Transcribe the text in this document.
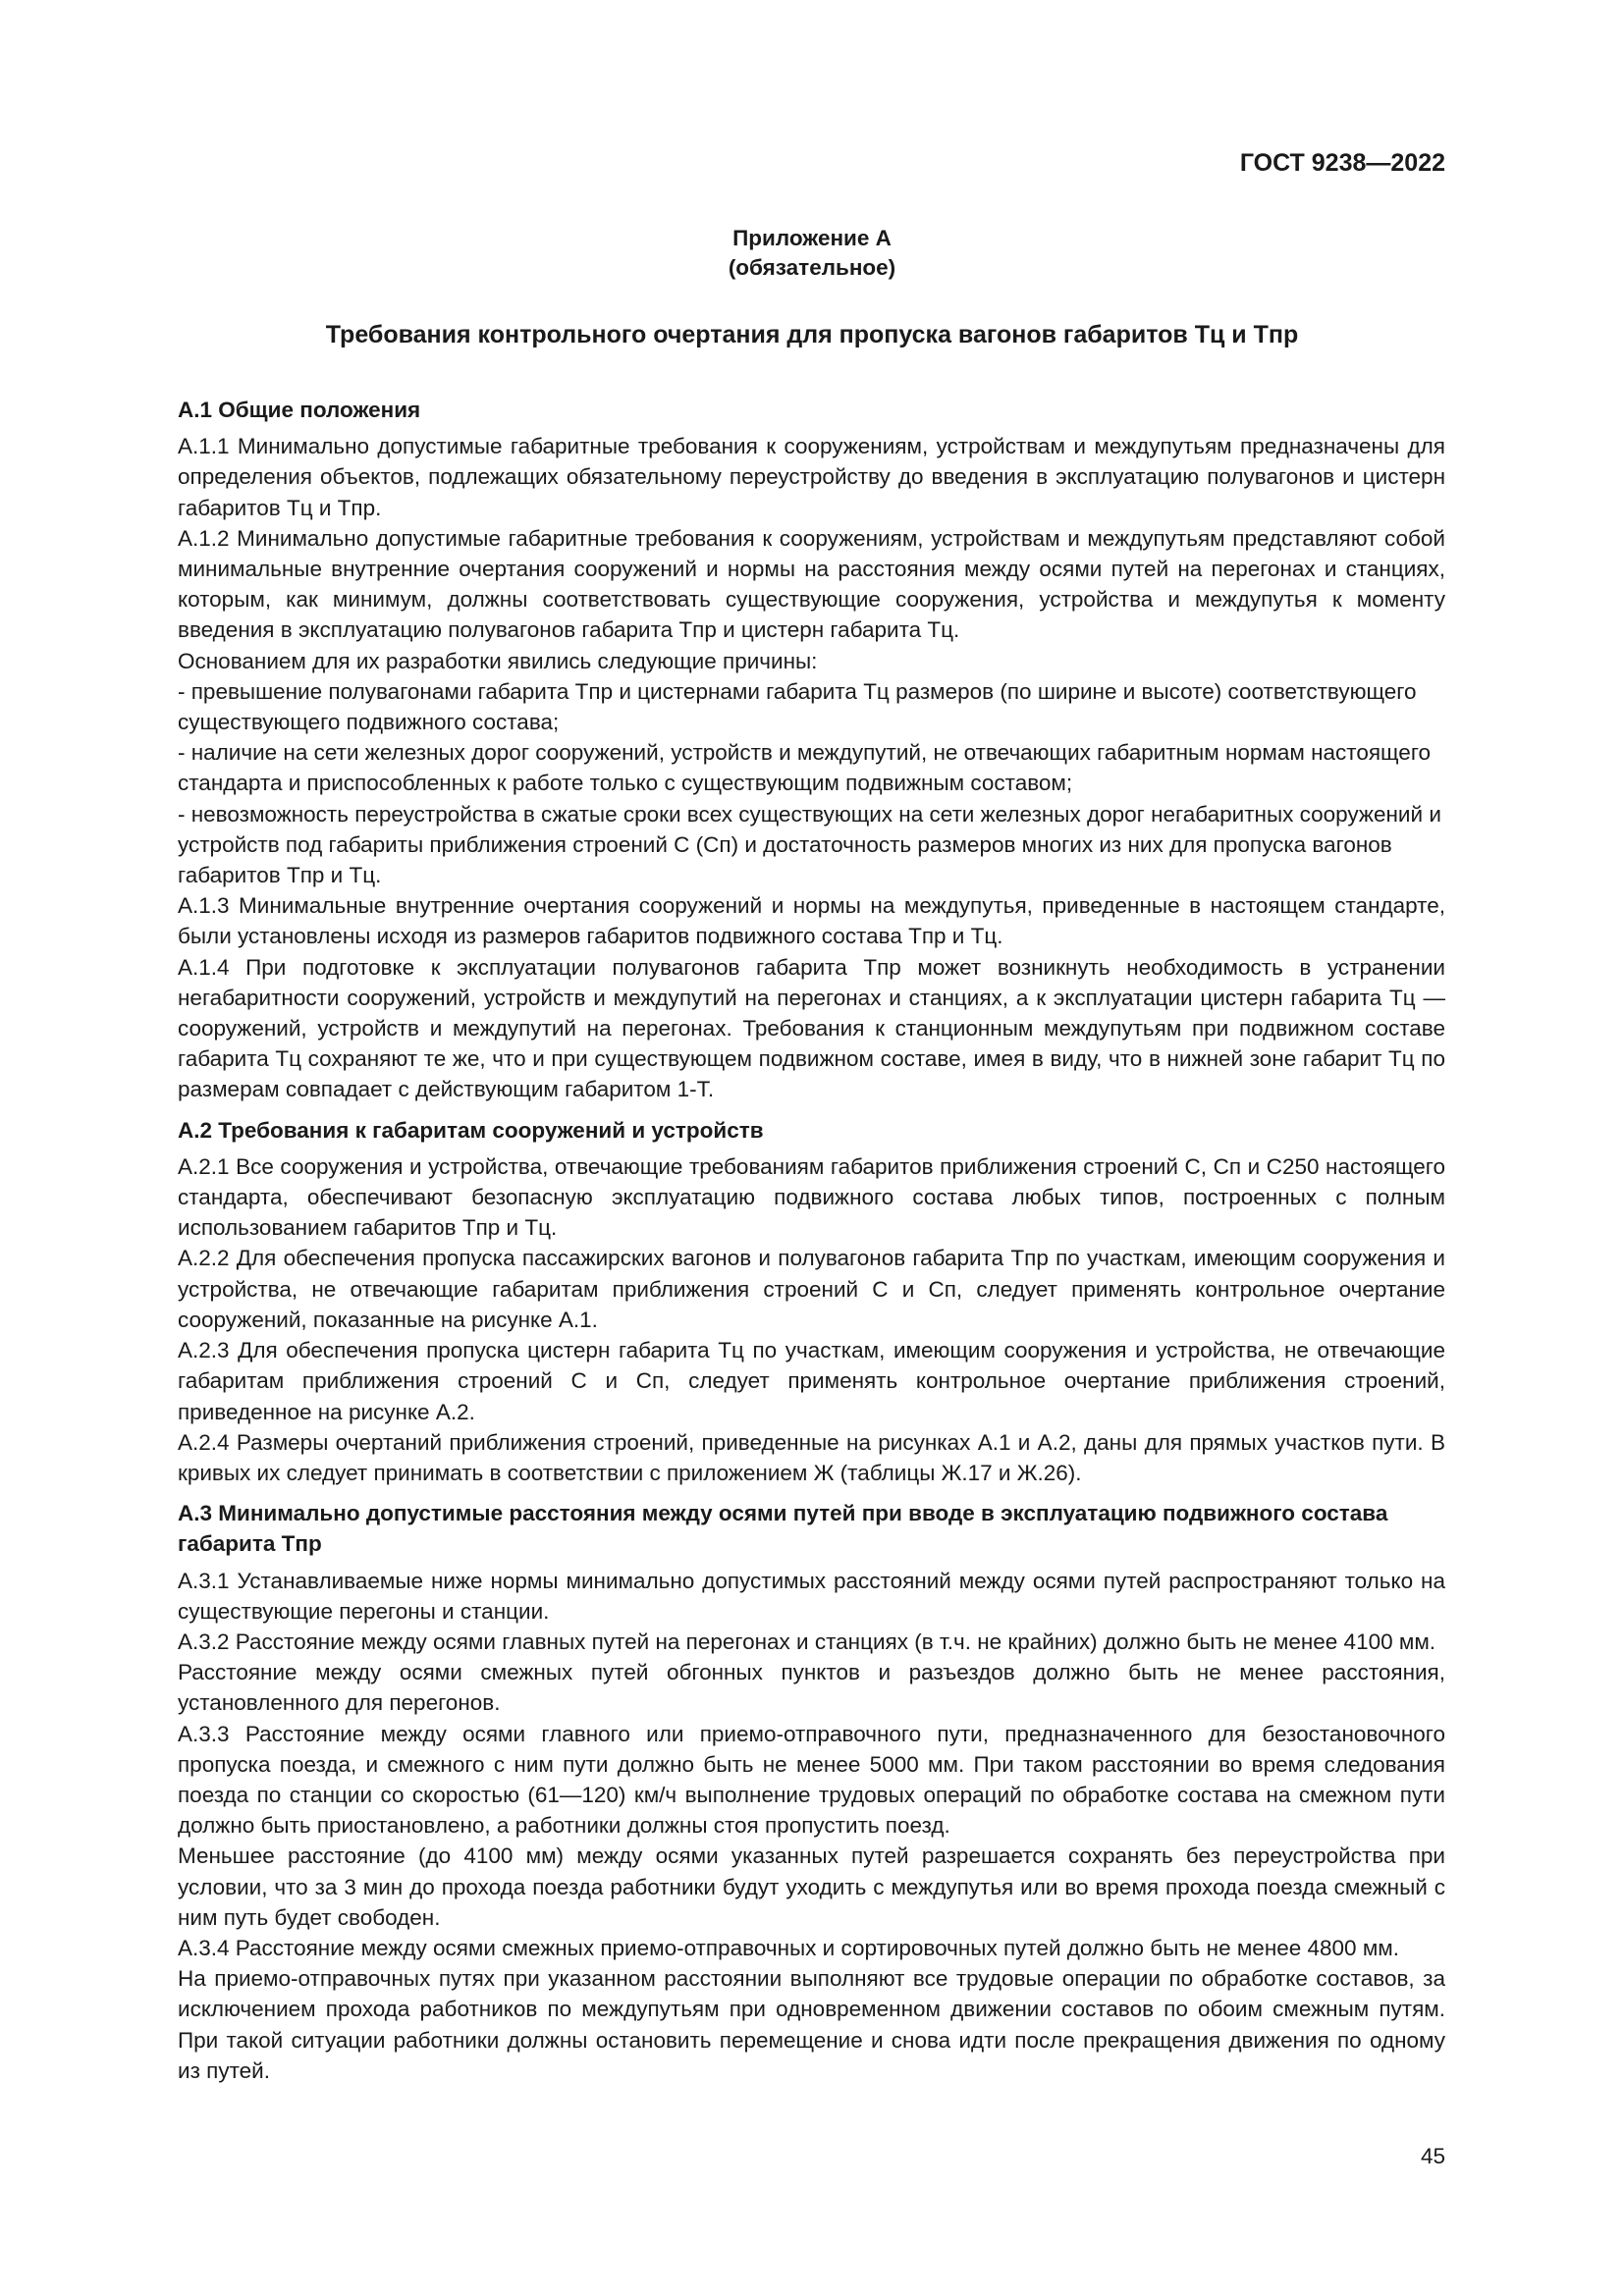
ГОСТ 9238—2022
Приложение А
(обязательное)
Требования контрольного очертания для пропуска вагонов габаритов Tц и Tпр
А.1 Общие положения

А.1.1 Минимально допустимые габаритные требования к сооружениям, устройствам и междупутьям предназначены для определения объектов, подлежащих обязательному переустройству до введения в эксплуатацию полувагонов и цистерн габаритов Tц и Tпр.

А.1.2 Минимально допустимые габаритные требования к сооружениям, устройствам и междупутьям представляют собой минимальные внутренние очертания сооружений и нормы на расстояния между осями путей на перегонах и станциях, которым, как минимум, должны соответствовать существующие сооружения, устройства и междупутья к моменту введения в эксплуатацию полувагонов габарита Tпр и цистерн габарита Tц.

Основанием для их разработки явились следующие причины:

- превышение полувагонами габарита Tпр и цистернами габарита Tц размеров (по ширине и высоте) соответствующего существующего подвижного состава;
- наличие на сети железных дорог сооружений, устройств и междупутий, не отвечающих габаритным нормам настоящего стандарта и приспособленных к работе только с существующим подвижным составом;
- невозможность переустройства в сжатые сроки всех существующих на сети железных дорог негабаритных сооружений и устройств под габариты приближения строений С (Сп) и достаточность размеров многих из них для пропуска вагонов габаритов Tпр и Tц.

А.1.3 Минимальные внутренние очертания сооружений и нормы на междупутья, приведенные в настоящем стандарте, были установлены исходя из размеров габаритов подвижного состава Tпр и Tц.

А.1.4 При подготовке к эксплуатации полувагонов габарита Tпр может возникнуть необходимость в устранении негабаритности сооружений, устройств и междупутий на перегонах и станциях, а к эксплуатации цистерн габарита Tц — сооружений, устройств и междупутий на перегонах. Требования к станционным междупутьям при подвижном составе габарита Tц сохраняют те же, что и при существующем подвижном составе, имея в виду, что в нижней зоне габарит Tц по размерам совпадает с действующим габаритом 1-T.

А.2 Требования к габаритам сооружений и устройств

А.2.1 Все сооружения и устройства, отвечающие требованиям габаритов приближения строений С, Сп и С250 настоящего стандарта, обеспечивают безопасную эксплуатацию подвижного состава любых типов, построенных с полным использованием габаритов Tпр и Tц.

А.2.2 Для обеспечения пропуска пассажирских вагонов и полувагонов габарита Tпр по участкам, имеющим сооружения и устройства, не отвечающие габаритам приближения строений С и Сп, следует применять контрольное очертание сооружений, показанные на рисунке А.1.

А.2.3 Для обеспечения пропуска цистерн габарита Tц по участкам, имеющим сооружения и устройства, не отвечающие габаритам приближения строений С и Сп, следует применять контрольное очертание приближения строений, приведенное на рисунке А.2.

А.2.4 Размеры очертаний приближения строений, приведенные на рисунках А.1 и А.2, даны для прямых участков пути. В кривых их следует принимать в соответствии с приложением Ж (таблицы Ж.17 и Ж.26).

А.3 Минимально допустимые расстояния между осями путей при вводе в эксплуатацию подвижного состава габарита Tпр

А.3.1 Устанавливаемые ниже нормы минимально допустимых расстояний между осями путей распространяют только на существующие перегоны и станции.

А.3.2 Расстояние между осями главных путей на перегонах и станциях (в т.ч. не крайних) должно быть не менее 4100 мм.

Расстояние между осями смежных путей обгонных пунктов и разъездов должно быть не менее расстояния, установленного для перегонов.

А.3.3 Расстояние между осями главного или приемо-отправочного пути, предназначенного для безостановочного пропуска поезда, и смежного с ним пути должно быть не менее 5000 мм. При таком расстоянии во время следования поезда по станции со скоростью (61—120) км/ч выполнение трудовых операций по обработке состава на смежном пути должно быть приостановлено, а работники должны стоя пропустить поезд.

Меньшее расстояние (до 4100 мм) между осями указанных путей разрешается сохранять без переустройства при условии, что за 3 мин до прохода поезда работники будут уходить с междупутья или во время прохода поезда смежный с ним путь будет свободен.

А.3.4 Расстояние между осями смежных приемо-отправочных и сортировочных путей должно быть не менее 4800 мм.

На приемо-отправочных путях при указанном расстоянии выполняют все трудовые операции по обработке составов, за исключением прохода работников по междупутьям при одновременном движении составов по обоим смежным путям. При такой ситуации работники должны остановить перемещение и снова идти после прекращения движения по одному из путей.

45
